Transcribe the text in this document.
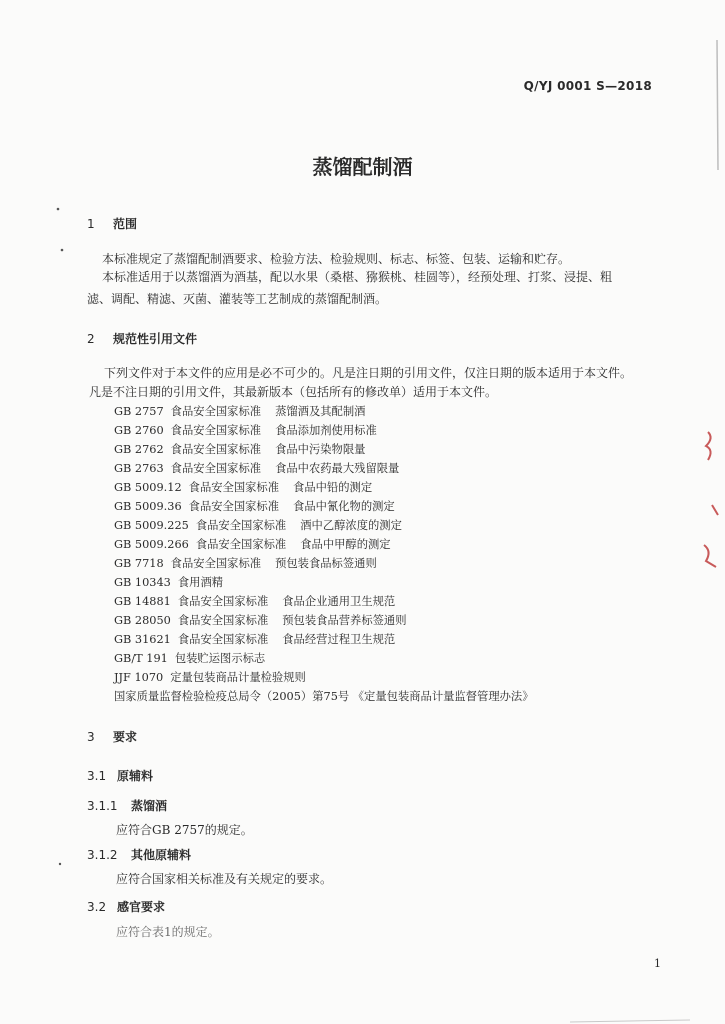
Q/YJ 0001 S—2018
蒸馏配制酒
1 范围
本标准规定了蒸馏配制酒要求、检验方法、检验规则、标志、标签、包装、运输和贮存。
本标准适用于以蒸馏酒为酒基，配以水果（桑椹、猕猴桃、桂圆等），经预处理、打浆、浸提、粗
滤、调配、精滤、灭菌、灌装等工艺制成的蒸馏配制酒。
2 规范性引用文件
下列文件对于本文件的应用是必不可少的。凡是注日期的引用文件，仅注日期的版本适用于本文件。
凡是不注日期的引用文件，其最新版本（包括所有的修改单）适用于本文件。
GB 2757 食品安全国家标准 蒸馏酒及其配制酒
GB 2760 食品安全国家标准 食品添加剂使用标准
GB 2762 食品安全国家标准 食品中污染物限量
GB 2763 食品安全国家标准 食品中农药最大残留限量
GB 5009.12 食品安全国家标准 食品中铅的测定
GB 5009.36 食品安全国家标准 食品中氰化物的测定
GB 5009.225 食品安全国家标准 酒中乙醇浓度的测定
GB 5009.266 食品安全国家标准 食品中甲醇的测定
GB 7718 食品安全国家标准 预包装食品标签通则
GB 10343 食用酒精
GB 14881 食品安全国家标准 食品企业通用卫生规范
GB 28050 食品安全国家标准 预包装食品营养标签通则
GB 31621 食品安全国家标准 食品经营过程卫生规范
GB/T 191 包装贮运图示标志
JJF 1070 定量包装商品计量检验规则
国家质量监督检验检疫总局令（2005）第75号 《定量包装商品计量监督管理办法》
3 要求
3.1 原辅料
3.1.1 蒸馏酒
应符合GB 2757的规定。
3.1.2 其他原辅料
应符合国家相关标准及有关规定的要求。
3.2 感官要求
应符合表1的规定。
1
